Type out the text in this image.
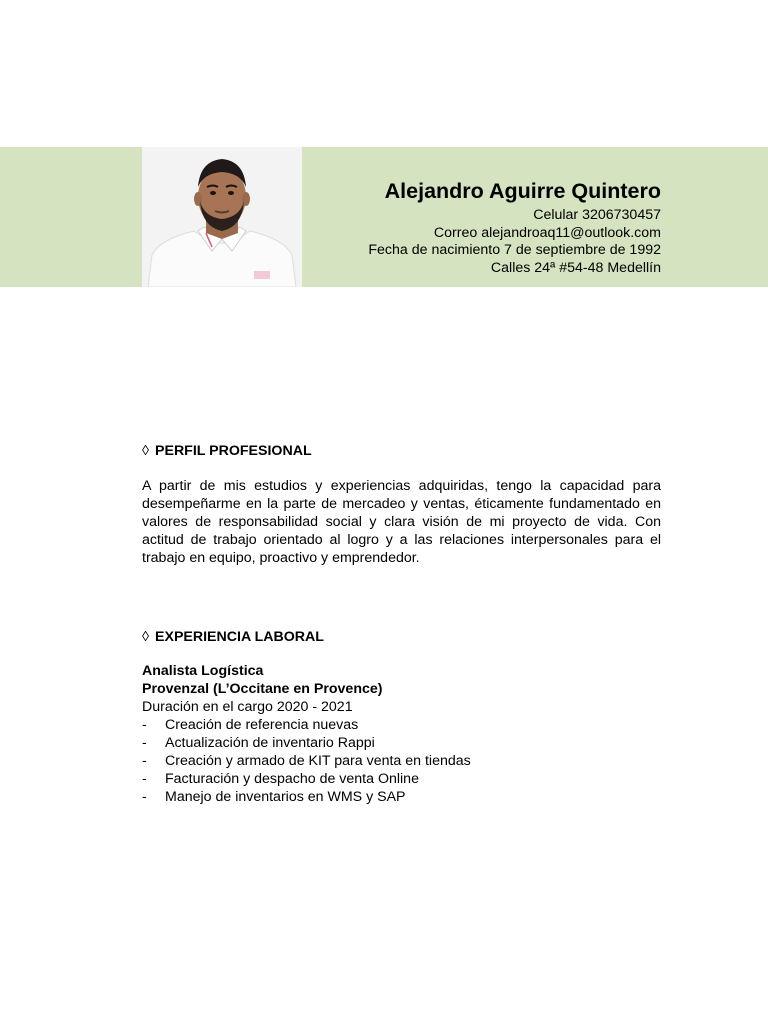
Alejandro Aguirre Quintero
Celular 3206730457
Correo alejandroaq11@outlook.com
Fecha de nacimiento 7 de septiembre de 1992
Calles 24ª #54-48 Medellín
◊ PERFIL PROFESIONAL
A partir de mis estudios y experiencias adquiridas, tengo la capacidad para desempeñarme en la parte de mercadeo y ventas, éticamente fundamentado en valores de responsabilidad social y clara visión de mi proyecto de vida. Con actitud de trabajo orientado al logro y a las relaciones interpersonales para el trabajo en equipo, proactivo y emprendedor.
◊ EXPERIENCIA LABORAL
Analista Logística
Provenzal (L’Occitane en Provence)
Duración en el cargo 2020 - 2021
- Creación de referencia nuevas
- Actualización de inventario Rappi
- Creación y armado de KIT para venta en tiendas
- Facturación y despacho de venta Online
- Manejo de inventarios en WMS y SAP
